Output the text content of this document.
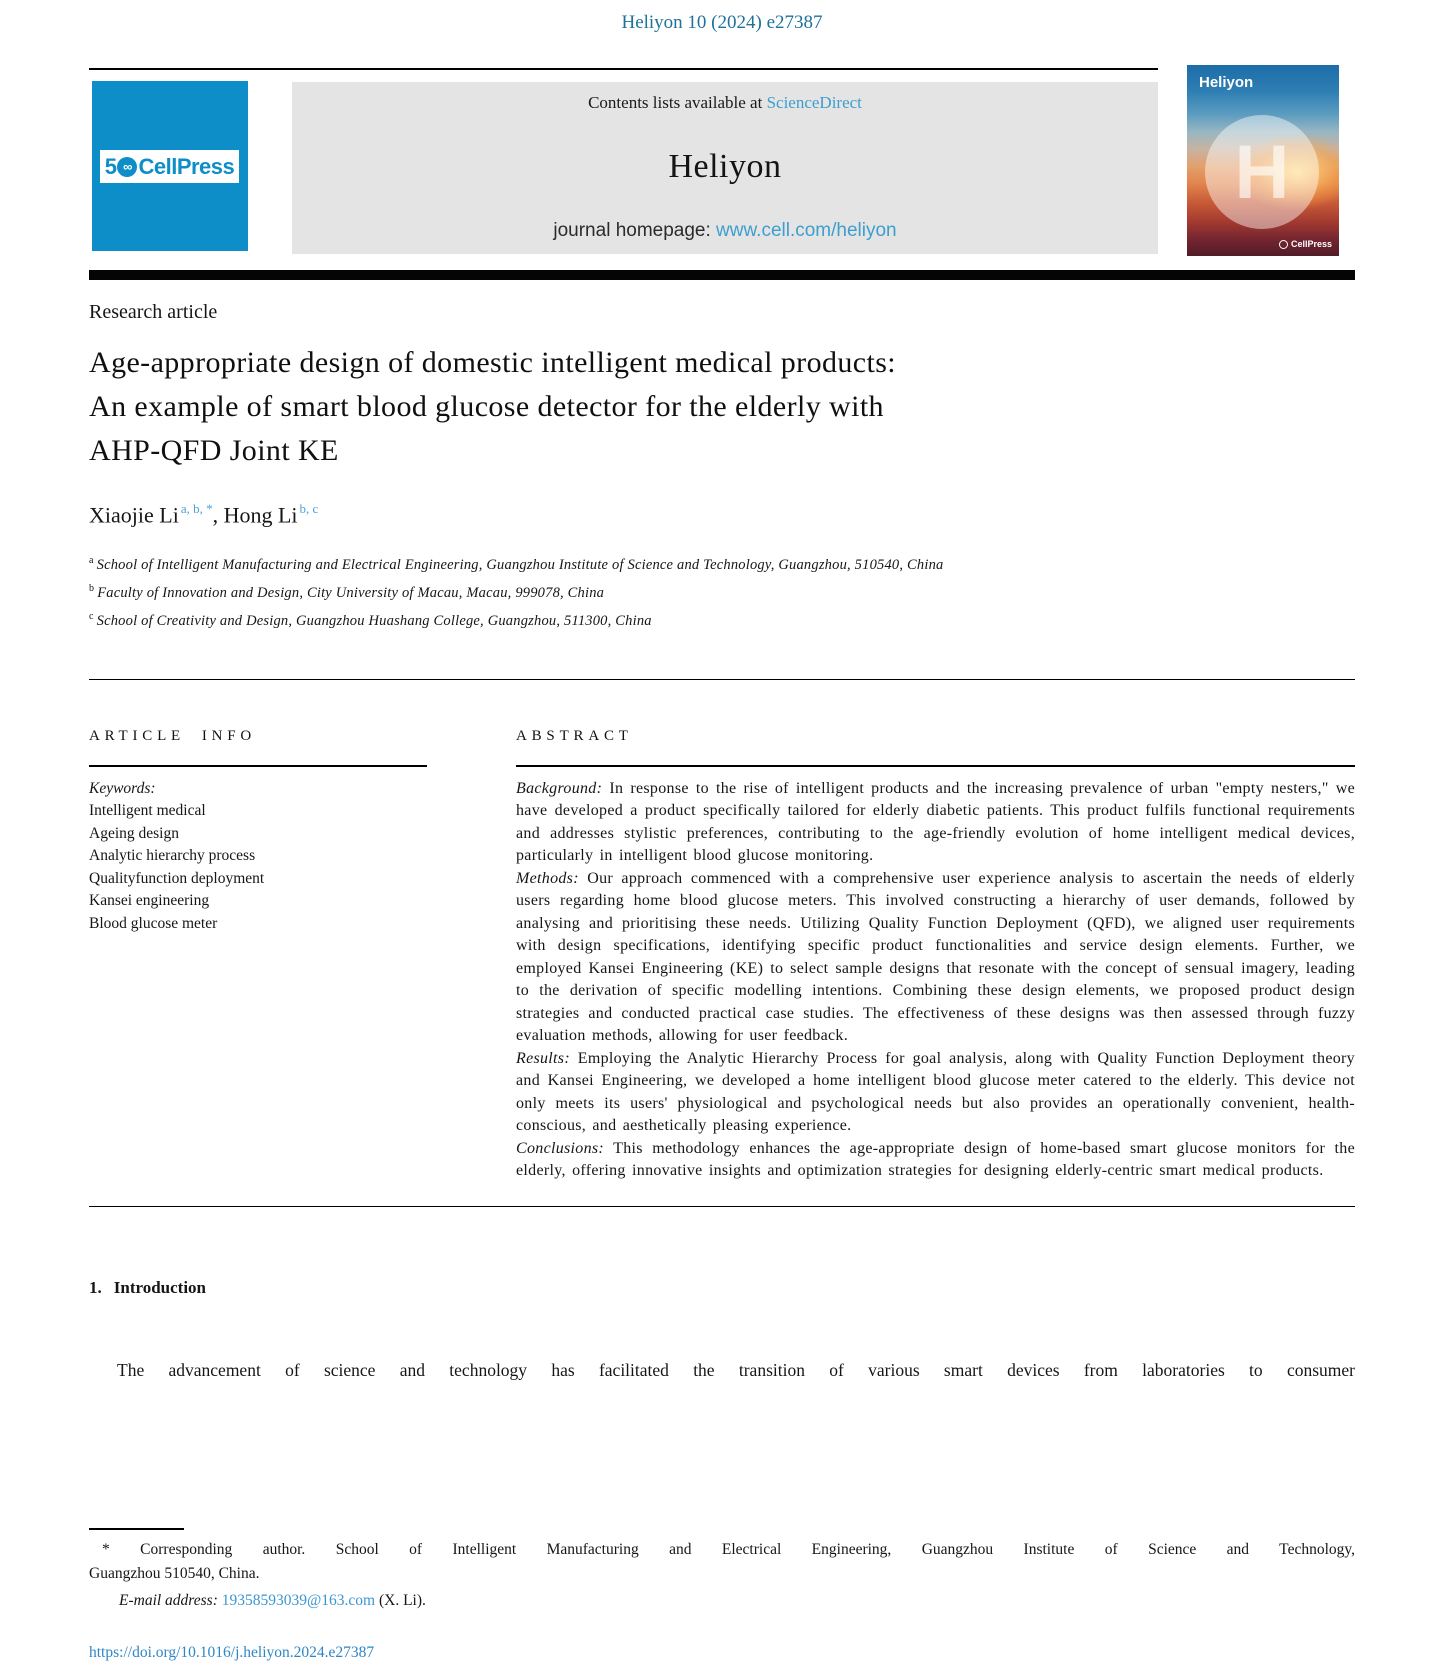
Heliyon 10 (2024) e27387
5 ∞ CellPress
Contents lists available at ScienceDirect
Heliyon
journal homepage: www.cell.com/heliyon
Heliyon
H
CellPress
Research article
Age-appropriate design of domestic intelligent medical products:
An example of smart blood glucose detector for the elderly with
AHP-QFD Joint KE
Xiaojie Li $^{a, b, *}$, Hong Li $^{b, c}$
$^a$ School of Intelligent Manufacturing and Electrical Engineering, Guangzhou Institute of Science and Technology, Guangzhou, 510540, China
$^b$ Faculty of Innovation and Design, City University of Macau, Macau, 999078, China
$^c$ School of Creativity and Design, Guangzhou Huashang College, Guangzhou, 511300, China
ARTICLE INFO
Keywords:
Intelligent medical
Ageing design
Analytic hierarchy process
Qualityfunction deployment
Kansei engineering
Blood glucose meter
ABSTRACT

Background: In response to the rise of intelligent products and the increasing prevalence of urban "empty nesters," we have developed a product specifically tailored for elderly diabetic patients. This product fulfils functional requirements and addresses stylistic preferences, contributing to the age-friendly evolution of home intelligent medical devices, particularly in intelligent blood glucose monitoring.

Methods: Our approach commenced with a comprehensive user experience analysis to ascertain the needs of elderly users regarding home blood glucose meters. This involved constructing a hierarchy of user demands, followed by analysing and prioritising these needs. Utilizing Quality Function Deployment (QFD), we aligned user requirements with design specifications, identifying specific product functionalities and service design elements. Further, we employed Kansei Engineering (KE) to select sample designs that resonate with the concept of sensual imagery, leading to the derivation of specific modelling intentions. Combining these design elements, we proposed product design strategies and conducted practical case studies. The effectiveness of these designs was then assessed through fuzzy evaluation methods, allowing for user feedback.

Results: Employing the Analytic Hierarchy Process for goal analysis, along with Quality Function Deployment theory and Kansei Engineering, we developed a home intelligent blood glucose meter catered to the elderly. This device not only meets its users' physiological and psychological needs but also provides an operationally convenient, health-conscious, and aesthetically pleasing experience.

Conclusions: This methodology enhances the age-appropriate design of home-based smart glucose monitors for the elderly, offering innovative insights and optimization strategies for designing elderly-centric smart medical products.

1. Introduction

The advancement of science and technology has facilitated the transition of various smart devices from laboratories to consumer

* Corresponding author. School of Intelligent Manufacturing and Electrical Engineering, Guangzhou Institute of Science and Technology,
Guangzhou 510540, China.
E-mail address: 19358593039@163.com (X. Li).
https://doi.org/10.1016/j.heliyon.2024.e27387
